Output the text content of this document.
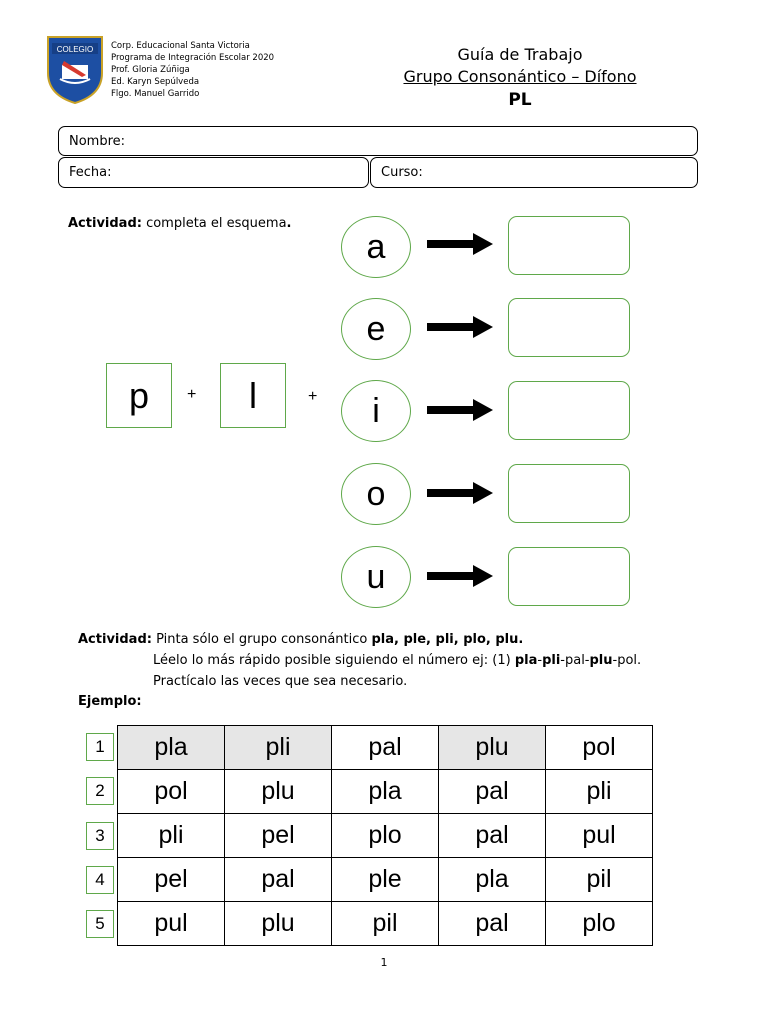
COLEGIO Corp. Educacional Santa Victoria
Programa de Integración Escolar 2020
Prof. Gloria Zúñiga
Ed. Karyn Sepúlveda
Flgo. Manuel Garrido
Guía de Trabajo
Grupo Consonántico – Dífono
PL
Nombre:
Fecha:	Curso:
Actividad: completa el esquema.
p + l	+
a
e
i
o
u
Actividad: Pinta sólo el grupo consonántico pla, ple, pli, plo, plu.
Léelo lo más rápido posible siguiendo el número ej: (1) pla-pli-pal-plu-pol.
Practícalo las veces que sea necesario.
Ejemplo:
1
2
3
4
5
pla	pli	pal	plu	pol
pol	plu	pla	pal	pli
pli	pel	plo	pal	pul
pel	pal	ple	pla	pil
pul	plu	pil	pal	plo
1
